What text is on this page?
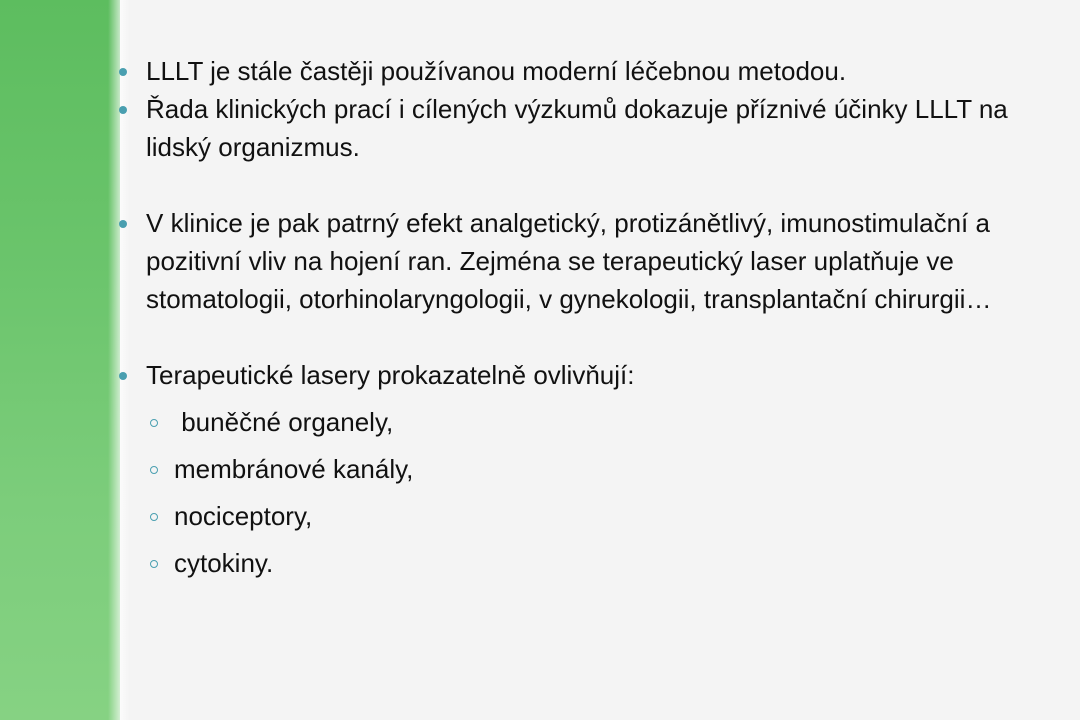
LLLT je stále častěji používanou moderní léčebnou metodou.

Řada klinických prací i cílených výzkumů dokazuje příznivé účinky LLLT na lidský organizmus.

V klinice je pak patrný efekt analgetický, protizánětlivý, imunostimulační a pozitivní vliv na hojení ran. Zejména se terapeutický laser uplatňuje ve stomatologii, otorhinolaryngologii, v gynekologii, transplantační chirurgii…

Terapeutické lasery prokazatelně ovlivňují:

buněčné organely,

membránové kanály,

nociceptory,

cytokiny.
